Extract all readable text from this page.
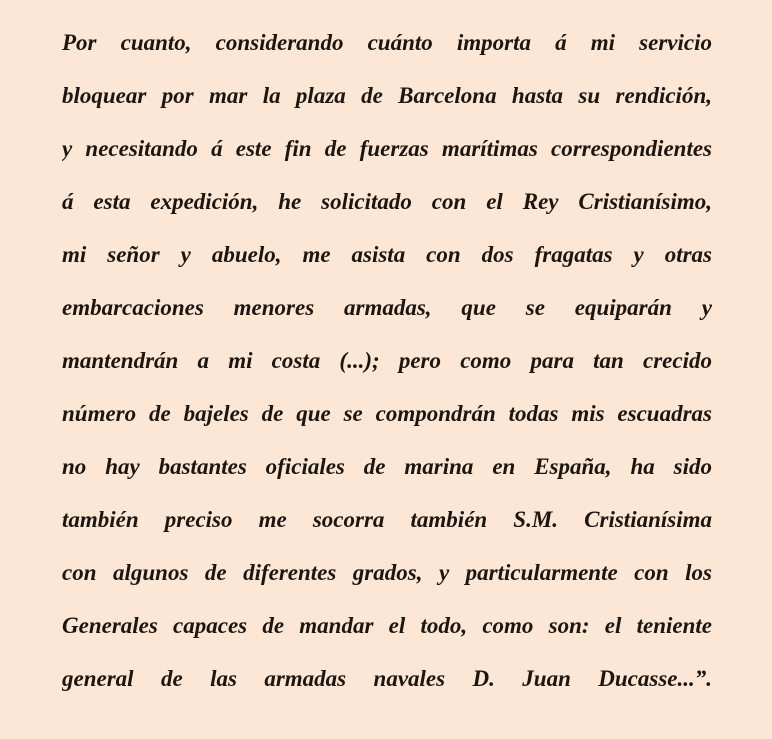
Por cuanto, considerando cuánto importa á mi servicio
bloquear por mar la plaza de Barcelona hasta su rendición,
y necesitando á este fin de fuerzas marítimas correspondientes
á esta expedición, he solicitado con el Rey Cristianísimo,
mi señor y abuelo, me asista con dos fragatas y otras
embarcaciones menores armadas, que se equiparán y
mantendrán a mi costa (...); pero como para tan crecido
número de bajeles de que se compondrán todas mis escuadras
no hay bastantes oficiales de marina en España, ha sido
también preciso me socorra también S.M. Cristianísima
con algunos de diferentes grados, y particularmente con los
Generales capaces de mandar el todo, como son: el teniente
general de las armadas navales D. Juan Ducasse...”.
